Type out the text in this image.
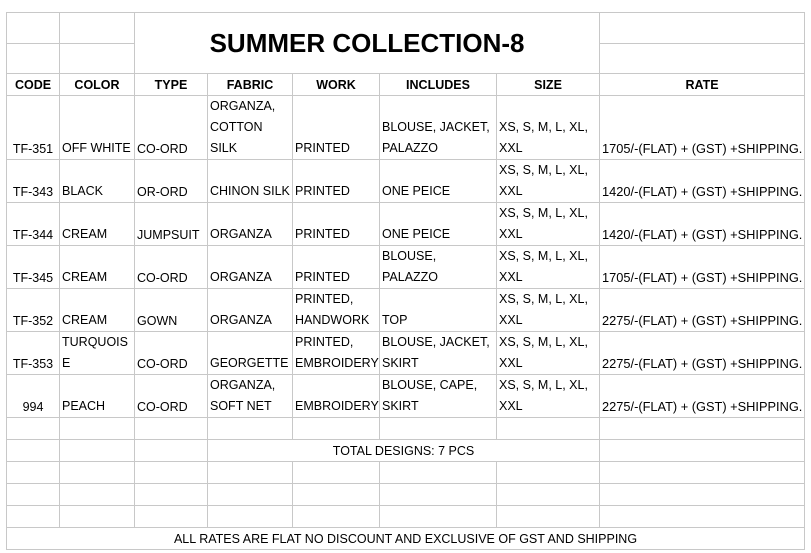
		SUMMER COLLECTION-8					

CODE	COLOR	TYPE	FABRIC	WORK	INCLUDES	SIZE	RATE
TF-351	OFF WHITE	CO-ORD	ORGANZA, COTTON SILK	PRINTED	BLOUSE, JACKET, PALAZZO	XS, S, M, L, XL, XXL	1705/-(FLAT) + (GST) +SHIPPING.
TF-343	BLACK	OR-ORD	CHINON SILK	PRINTED	ONE PEICE	XS, S, M, L, XL, XXL	1420/-(FLAT) + (GST) +SHIPPING.
TF-344	CREAM	JUMPSUIT	ORGANZA	PRINTED	ONE PEICE	XS, S, M, L, XL, XXL	1420/-(FLAT) + (GST) +SHIPPING.
TF-345	CREAM	CO-ORD	ORGANZA	PRINTED	BLOUSE, PALAZZO	XS, S, M, L, XL, XXL	1705/-(FLAT) + (GST) +SHIPPING.
TF-352	CREAM	GOWN	ORGANZA	PRINTED, HANDWORK	TOP	XS, S, M, L, XL, XXL	2275/-(FLAT) + (GST) +SHIPPING.
TF-353	TURQUOIS E	CO-ORD	GEORGETTE	PRINTED, EMBROIDERY	BLOUSE, JACKET, SKIRT	XS, S, M, L, XL, XXL	2275/-(FLAT) + (GST) +SHIPPING.
994	PEACH	CO-ORD	ORGANZA, SOFT NET	EMBROIDERY	BLOUSE, CAPE, SKIRT	XS, S, M, L, XL, XXL	2275/-(FLAT) + (GST) +SHIPPING.

			TOTAL DESIGNS: 7 PCS				

ALL RATES ARE FLAT NO DISCOUNT AND EXCLUSIVE OF GST AND SHIPPING							
